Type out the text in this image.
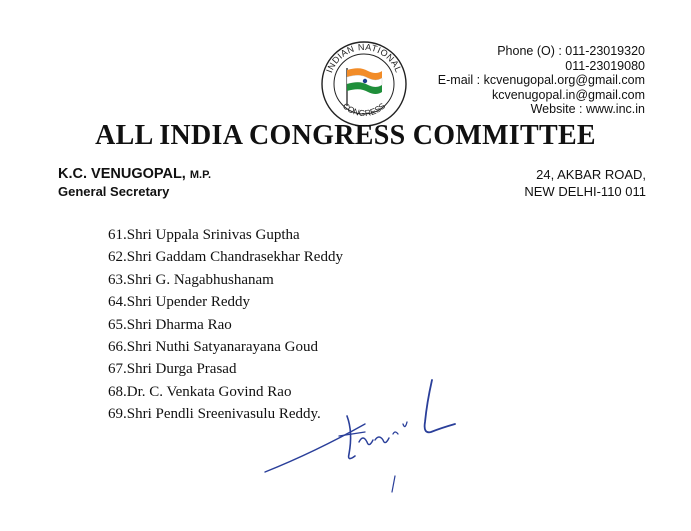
INDIAN NATIONAL
CONGRESS
Phone (O) : 011-23019320
011-23019080
E-mail : kcvenugopal.org@gmail.com
kcvenugopal.in@gmail.com
Website : www.inc.in
ALL INDIA CONGRESS COMMITTEE
K.C. VENUGOPAL, M.P.
General Secretary
24, AKBAR ROAD,
NEW DELHI-110 011
61.Shri Uppala Srinivas Guptha
62.Shri Gaddam Chandrasekhar Reddy
63.Shri G. Nagabhushanam
64.Shri Upender Reddy
65.Shri Dharma Rao
66.Shri Nuthi Satyanarayana Goud
67.Shri Durga Prasad
68.Dr. C. Venkata Govind Rao
69.Shri Pendli Sreenivasulu Reddy.
